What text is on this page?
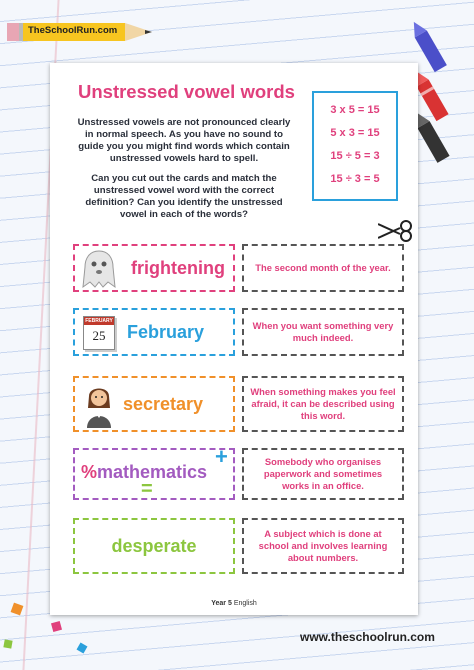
TheSchoolRun.com
Unstressed vowel words

Unstressed vowels are not pronounced clearly in normal speech. As you have no sound to guide you you might find words which contain unstressed vowels hard to spell.

Can you cut out the cards and match the unstressed vowel word with the correct definition? Can you identify the unstressed vowel in each of the words?

3 x 5 = 15
5 x 3 = 15
15 ÷ 5 = 3
15 ÷ 3 = 5
frightening	The second month of the year.
FEBRUARY
25	February	When you want something very much indeed.
secretary
When something makes you feel afraid, it can be described using this word.
% mathematics
+
=
Somebody who organises paperwork and sometimes works in an office.
desperate
A subject which is done at school and involves learning about numbers.
Year 5 English
www.theschoolrun.com
